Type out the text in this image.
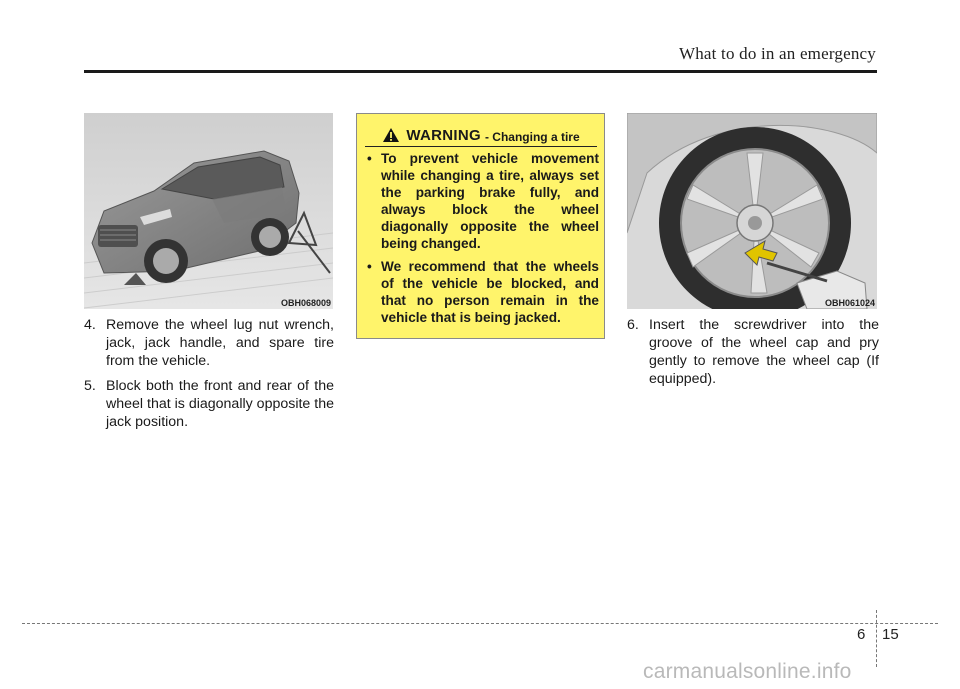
What to do in an emergency
OBH068009
4. Remove the wheel lug nut wrench, jack, jack handle, and spare tire from the vehicle.
5. Block both the front and rear of the wheel that is diagonally opposite the jack position.
WARNING - Changing a tire
• To prevent vehicle movement while changing a tire, always set the parking brake fully, and always block the wheel diagonally opposite the wheel being changed.
• We recommend that the wheels of the vehicle be blocked, and that no person remain in the vehicle that is being jacked.
OBH061024
6. Insert the screwdriver into the groove of the wheel cap and pry gently to remove the wheel cap (If equipped).
6 15
carmanualsonline.info
